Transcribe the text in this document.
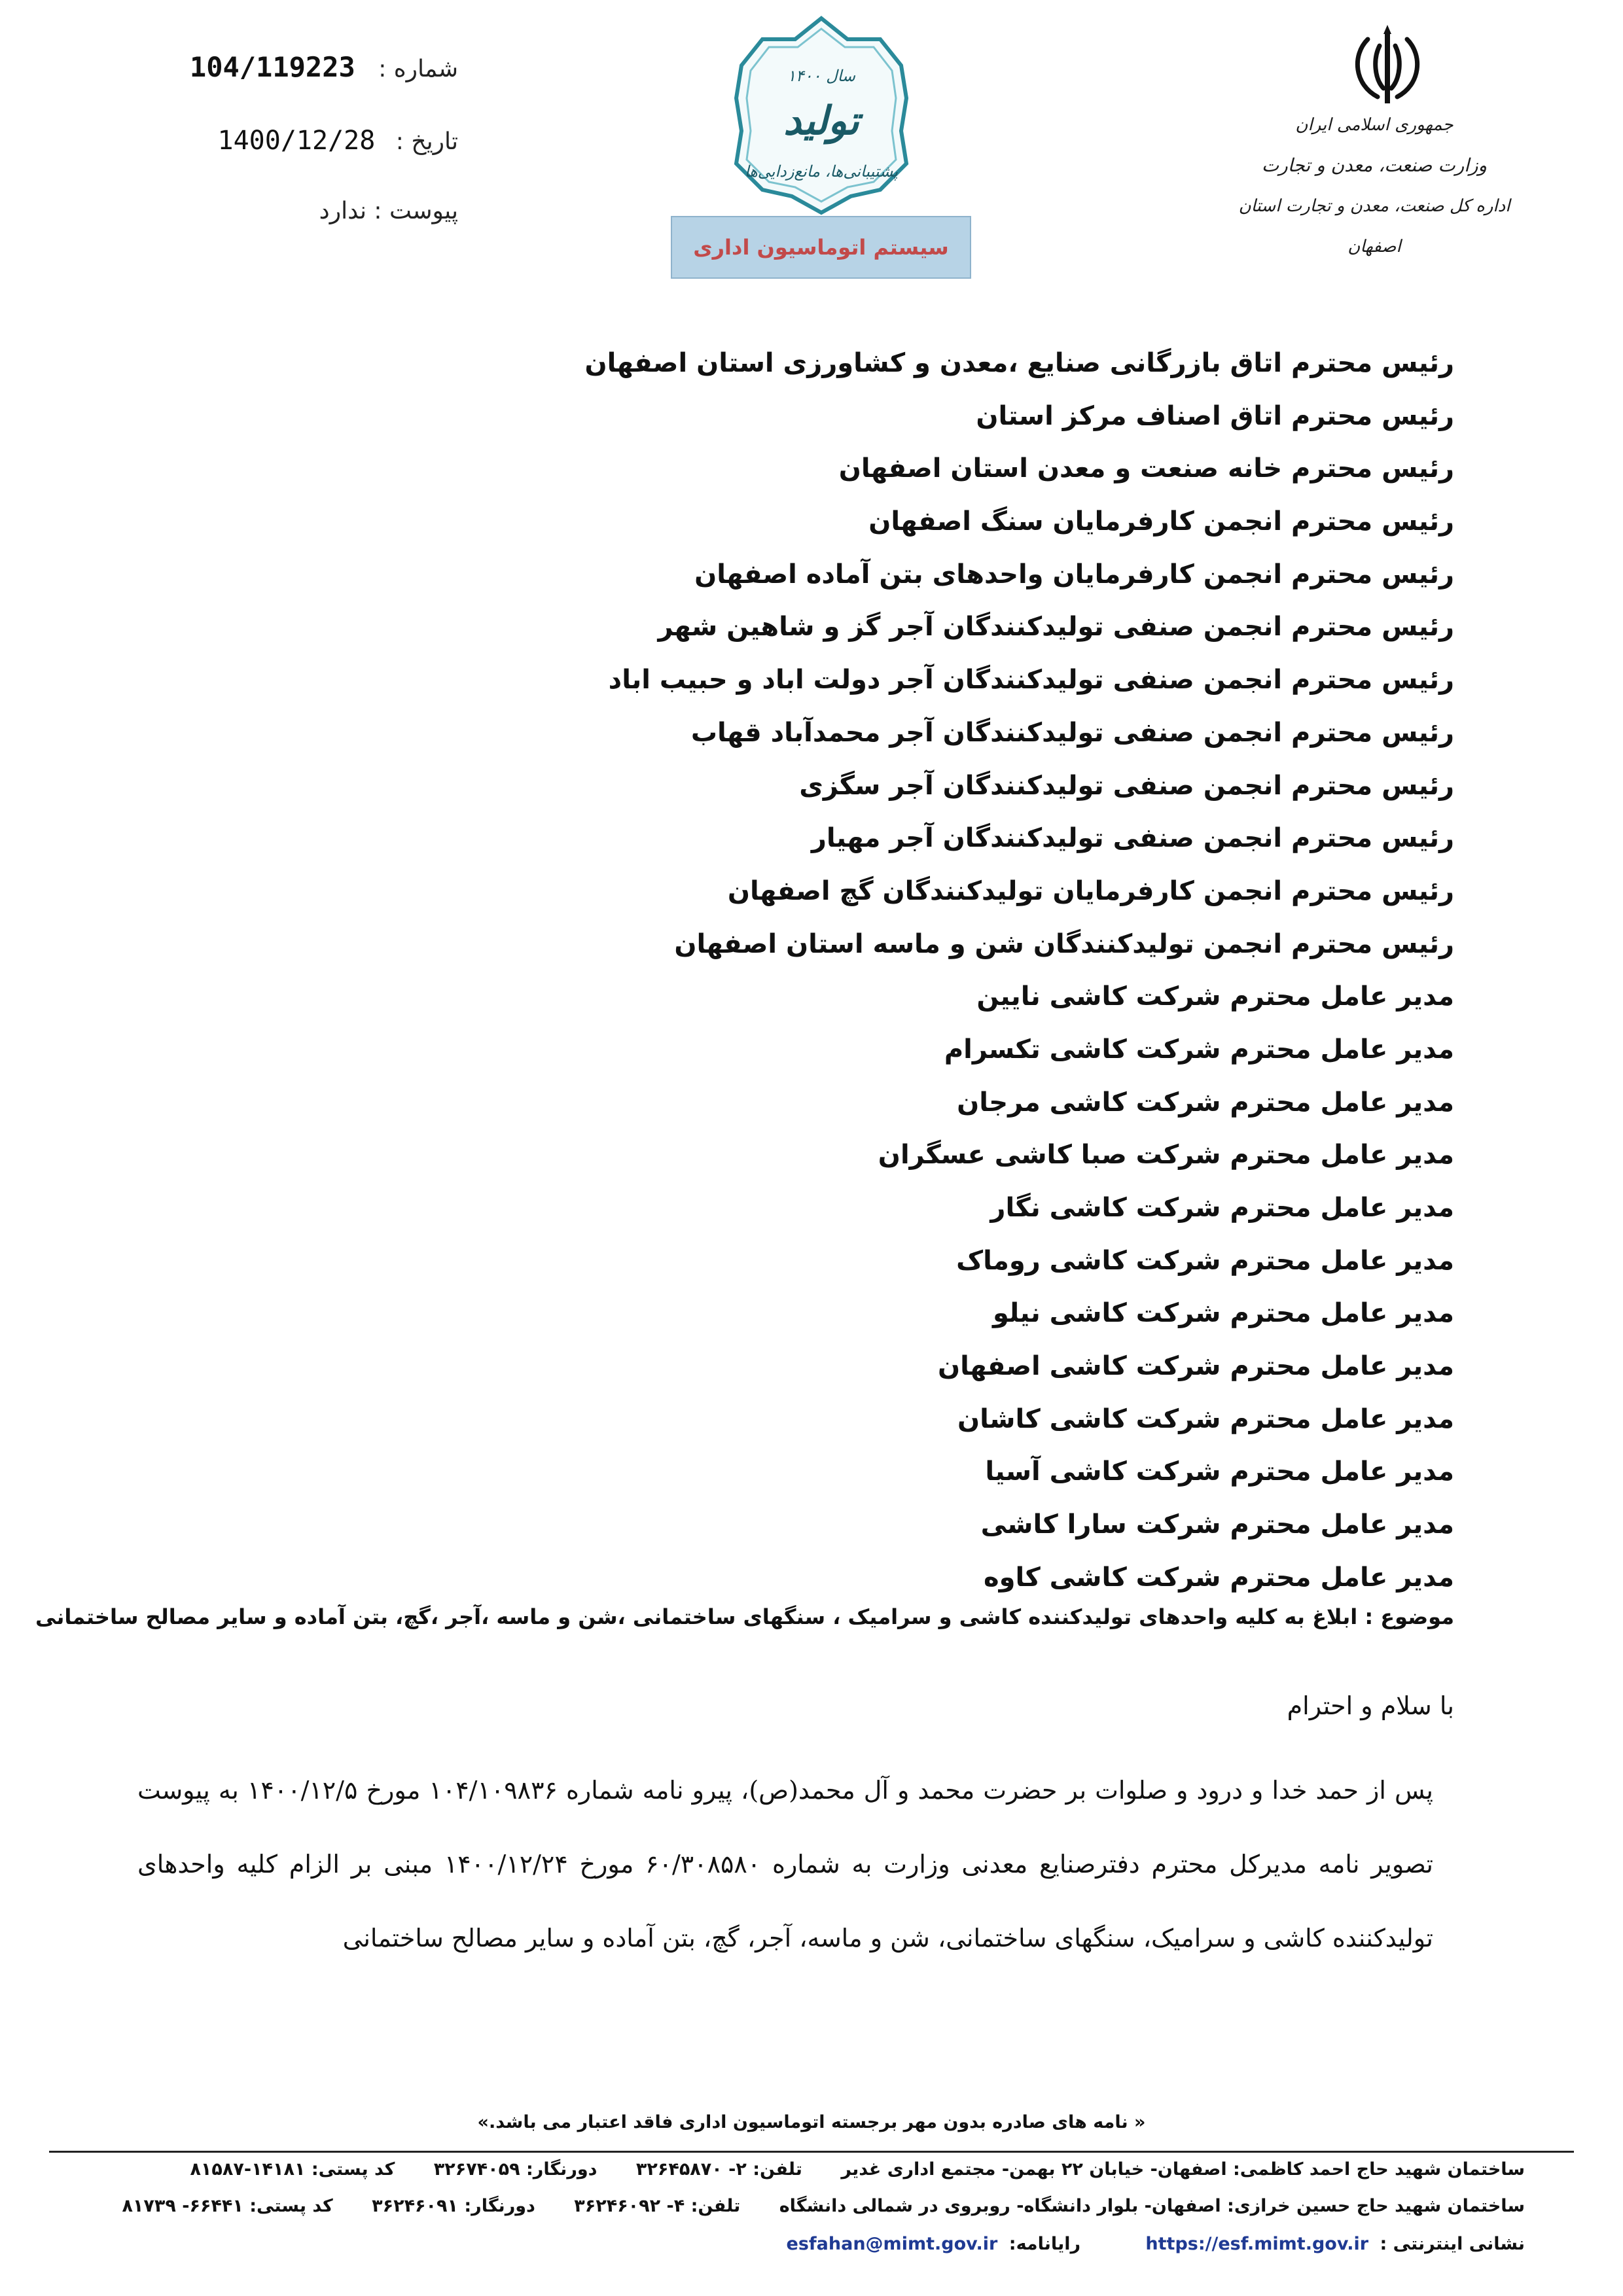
جمهوری اسلامی ایران
وزارت صنعت، معدن و تجارت
اداره کل صنعت، معدن و تجارت استان اصفهان
سال ۱۴۰۰
تولید
پشتیبانی‌ها، مانع‌زدایی‌ها
سیستم اتوماسیون اداری
شماره : 104/119223
تاریخ : 1400/12/28
پیوست : ندارد
رئیس محترم اتاق بازرگانی صنایع ،معدن و کشاورزی استان اصفهان
رئیس محترم اتاق اصناف مرکز استان
رئیس محترم خانه صنعت و معدن استان اصفهان
رئیس محترم انجمن کارفرمایان سنگ اصفهان
رئیس محترم انجمن کارفرمایان واحدهای بتن آماده اصفهان
رئیس محترم انجمن صنفی تولیدکنندگان آجر گز و شاهین شهر
رئیس محترم انجمن صنفی تولیدکنندگان آجر دولت اباد و حبیب اباد
رئیس محترم انجمن صنفی تولیدکنندگان آجر محمدآباد قهاب
رئیس محترم انجمن صنفی تولیدکنندگان آجر سگزی
رئیس محترم انجمن صنفی تولیدکنندگان آجر مهیار
رئیس محترم انجمن کارفرمایان تولیدکنندگان گچ اصفهان
رئیس محترم انجمن تولیدکنندگان شن و ماسه استان اصفهان
مدیر عامل محترم شرکت کاشی نایین
مدیر عامل محترم شرکت کاشی تکسرام
مدیر عامل محترم شرکت کاشی مرجان
مدیر عامل محترم شرکت صبا کاشی عسگران
مدیر عامل محترم شرکت کاشی نگار
مدیر عامل محترم شرکت کاشی روماک
مدیر عامل محترم شرکت کاشی نیلو
مدیر عامل محترم شرکت کاشی اصفهان
مدیر عامل محترم شرکت کاشی کاشان
مدیر عامل محترم شرکت کاشی آسیا
مدیر عامل محترم شرکت سارا کاشی
مدیر عامل محترم شرکت کاشی کاوه
موضوع : ابلاغ به کلیه واحدهای تولیدکننده کاشی و سرامیک ، سنگهای ساختمانی ،شن و ماسه ،آجر ،گچ، بتن آماده و سایر مصالح ساختمانی
با سلام و احترام
پس از حمد خدا و درود و صلوات بر حضرت محمد و آل محمد(ص)، پیرو نامه شماره ۱۰۴/۱۰۹۸۳۶ مورخ ۱۴۰۰/۱۲/۵ به پیوست تصویر نامه مدیرکل محترم دفترصنایع معدنی وزارت به شماره ۶۰/۳۰۸۵۸۰ مورخ ۱۴۰۰/۱۲/۲۴ مبنی بر الزام کلیه واحدهای تولیدکننده کاشی و سرامیک، سنگهای ساختمانی، شن و ماسه، آجر، گچ، بتن آماده و سایر مصالح ساختمانی
« نامه های صادره بدون مهر برجسته اتوماسیون اداری فاقد اعتبار می باشد.»
ساختمان شهید حاج احمد کاظمی: اصفهان- خیابان ۲۲ بهمن- مجتمع اداری غدیر تلفن: ۲- ۳۲۶۴۵۸۷۰ دورنگار: ۳۲۶۷۴۰۵۹ کد پستی: ۱۴۱۸۱-۸۱۵۸۷
ساختمان شهید حاج حسین خرازی: اصفهان- بلوار دانشگاه- روبروی در شمالی دانشگاه تلفن: ۴- ۳۶۲۴۶۰۹۲ دورنگار: ۳۶۲۴۶۰۹۱ کد پستی: ۶۶۴۴۱- ۸۱۷۳۹
نشانی اینترنتی : https://esf.mimt.gov.ir رایانامه: esfahan@mimt.gov.ir
